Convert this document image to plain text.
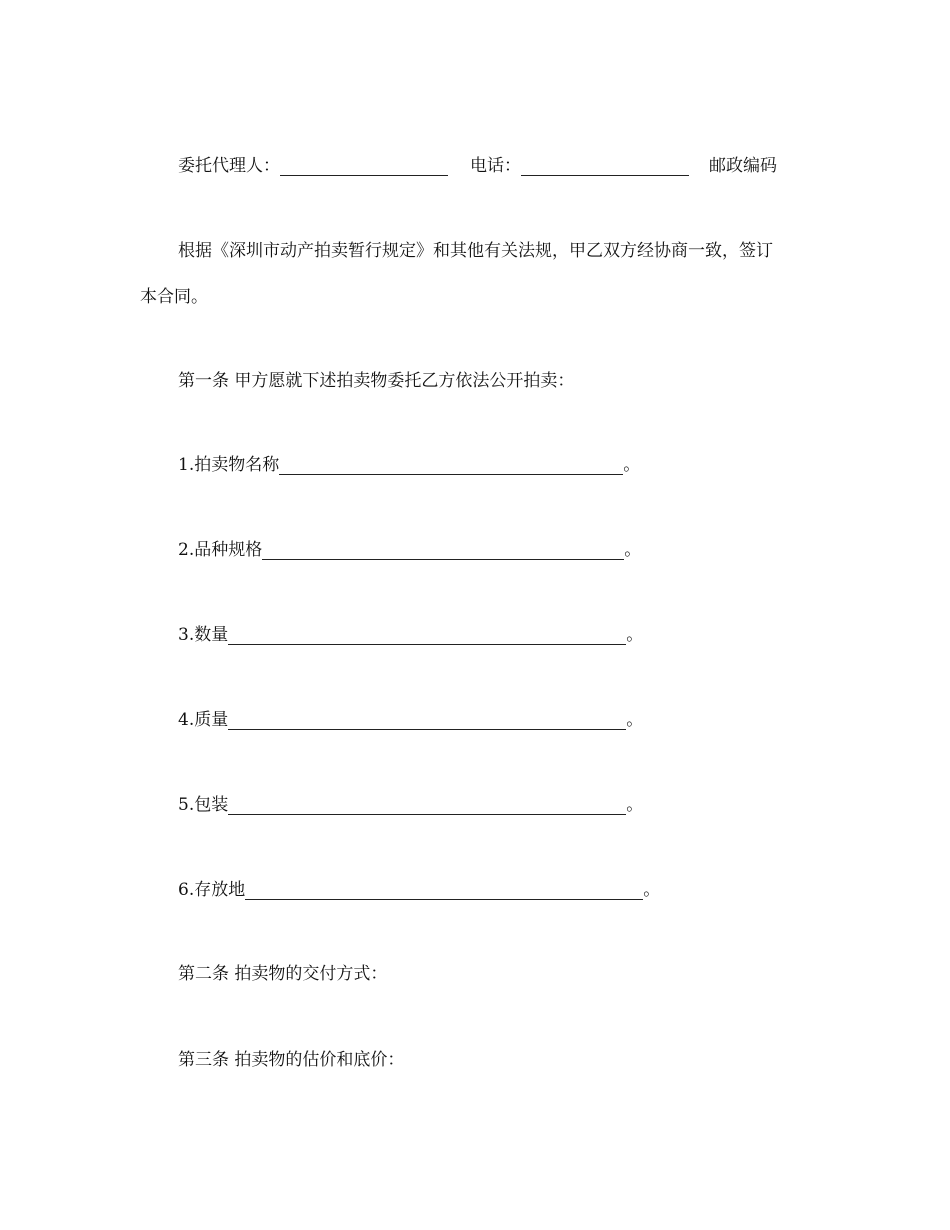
委托代理人：	电话：	邮政编码
根据《深圳市动产拍卖暂行规定》和其他有关法规，甲乙双方经协商一致，签订
本合同。
第一条 甲方愿就下述拍卖物委托乙方依法公开拍卖：
1.拍卖物名称	。
2.品种规格	。
3.数量	。
4.质量	。
5.包装	。
6.存放地	。
第二条 拍卖物的交付方式：
第三条 拍卖物的估价和底价：
